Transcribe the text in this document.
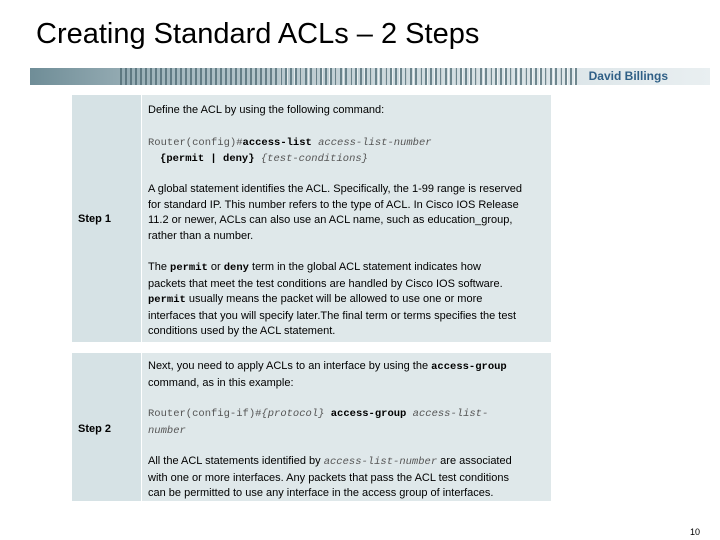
Creating Standard ACLs – 2 Steps
David Billings
Step 1
Define the ACL by using the following command:
Router(config)#access-list access-list-number
{permit | deny} {test-conditions}
A global statement identifies the ACL. Specifically, the 1-99 range is reserved
for standard IP. This number refers to the type of ACL. In Cisco IOS Release
11.2 or newer, ACLs can also use an ACL name, such as education_group,
rather than a number.
The permit or deny term in the global ACL statement indicates how
packets that meet the test conditions are handled by Cisco IOS software.
permit usually means the packet will be allowed to use one or more
interfaces that you will specify later.The final term or terms specifies the test
conditions used by the ACL statement.
Step 2
Next, you need to apply ACLs to an interface by using the access-group
command, as in this example:
Router(config-if)#{protocol} access-group access-list-
number
All the ACL statements identified by access-list-number are associated
with one or more interfaces. Any packets that pass the ACL test conditions
can be permitted to use any interface in the access group of interfaces.
10
